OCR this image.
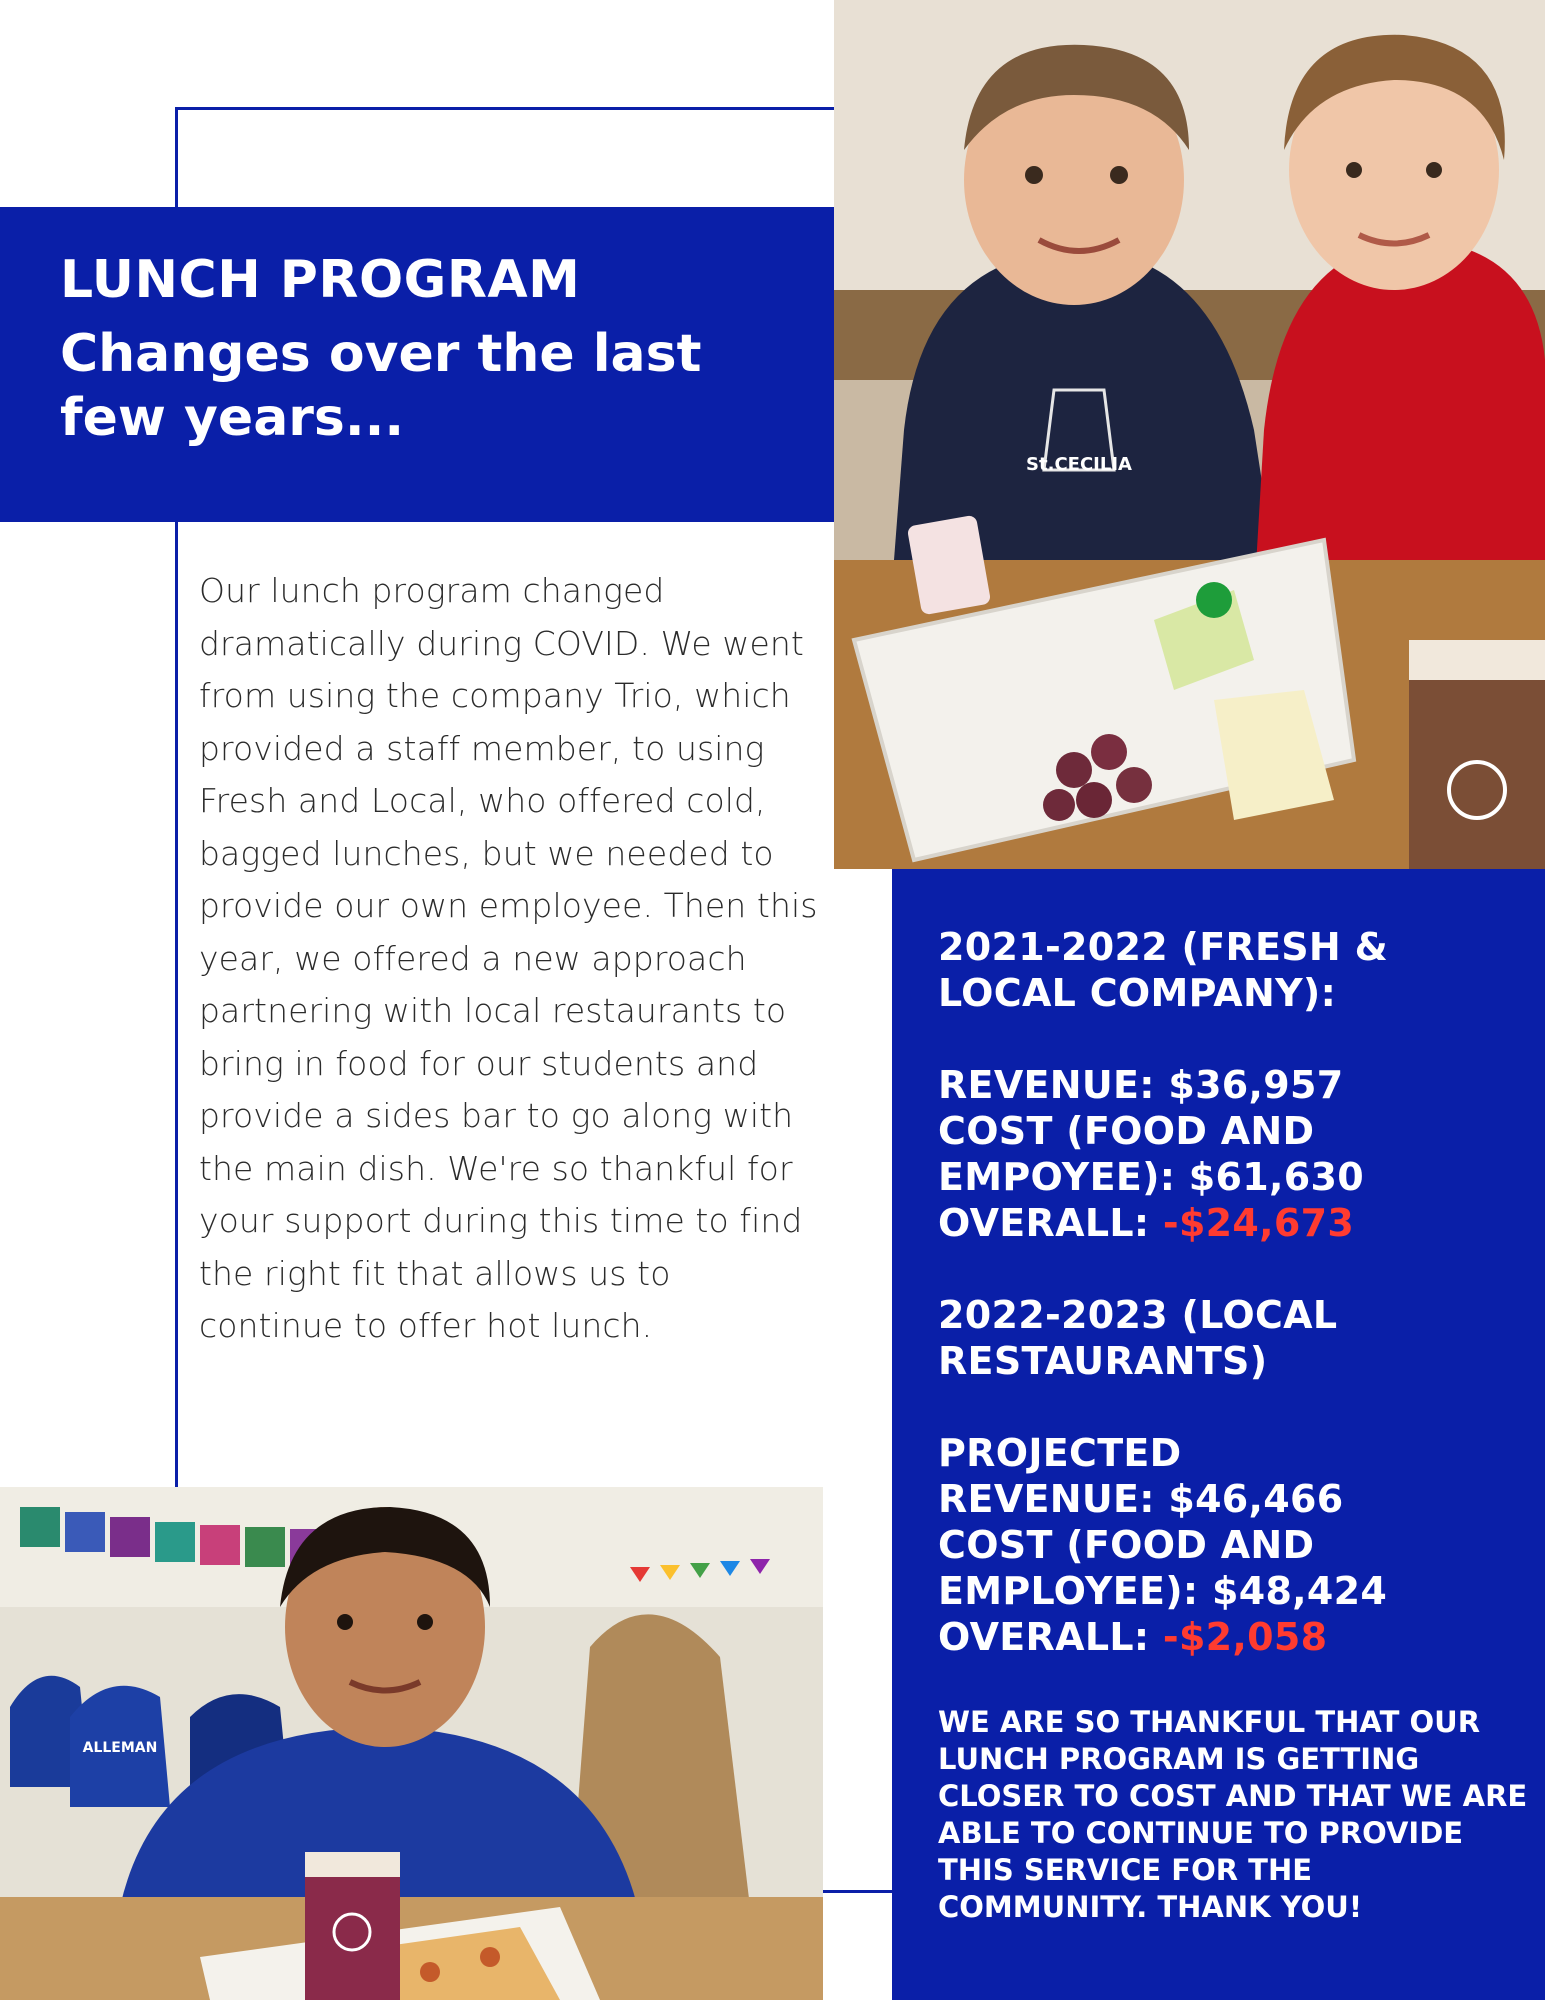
LUNCH PROGRAM
Changes over the last few years...
Our lunch program changed dramatically during COVID. We went from using the company Trio, which provided a staff member, to using Fresh and Local, who offered cold, bagged lunches, but we needed to provide our own employee. Then this year, we offered a new approach partnering with local restaurants to bring in food for our students and provide a sides bar to go along with the main dish. We're so thankful for your support during this time to find the right fit that allows us to continue to offer hot lunch.
St.CECILIA
ALLEMAN
2021-2022 (FRESH & LOCAL COMPANY):
REVENUE: $36,957
COST (FOOD AND EMPOYEE): $61,630
OVERALL: -$24,673
2022-2023 (LOCAL RESTAURANTS)
PROJECTED
REVENUE: $46,466
COST (FOOD AND EMPLOYEE): $48,424
OVERALL: -$2,058
WE ARE SO THANKFUL THAT OUR LUNCH PROGRAM IS GETTING CLOSER TO COST AND THAT WE ARE ABLE TO CONTINUE TO PROVIDE THIS SERVICE FOR THE COMMUNITY. THANK YOU!
